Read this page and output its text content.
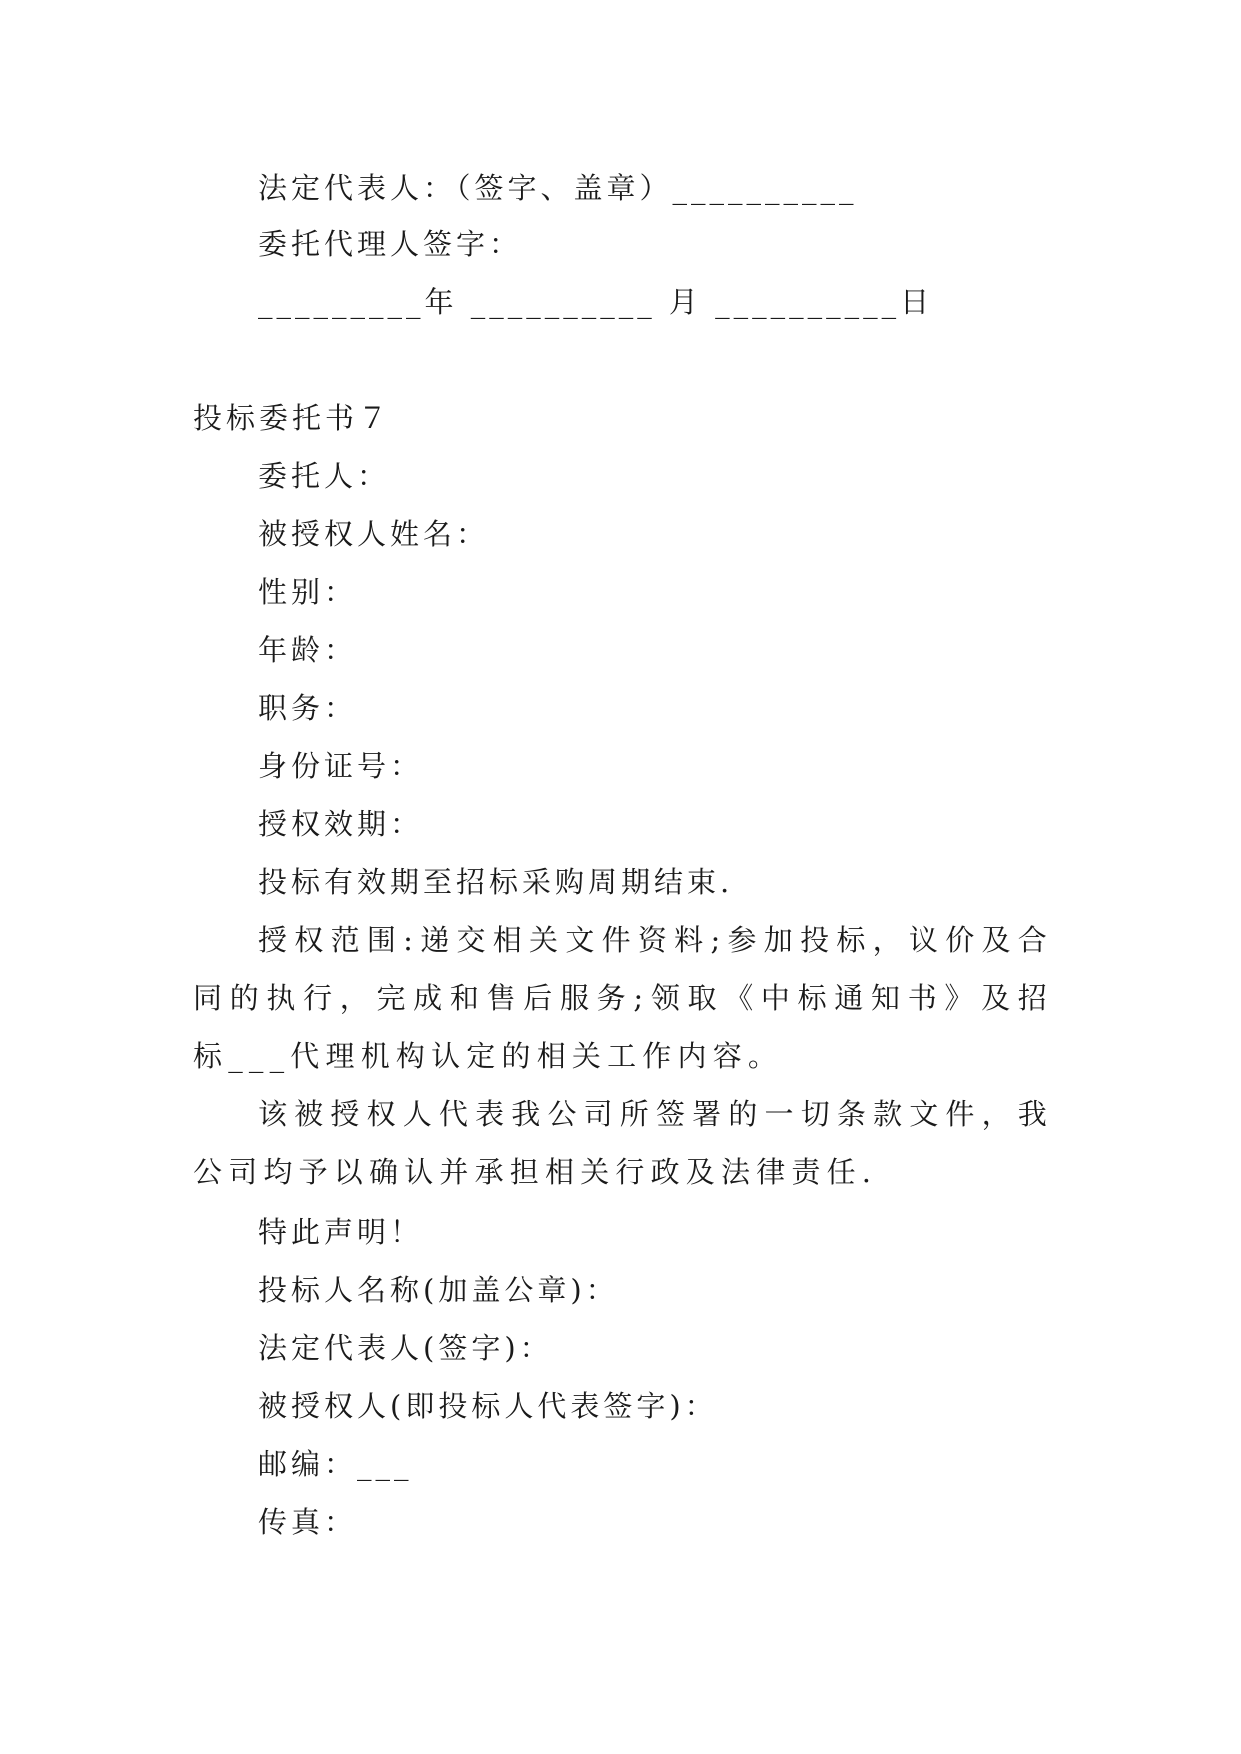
法定代表人：（签字、盖章）__________
委托代理人签字：
_________年 __________ 月 __________日
投标委托书７
委托人：
被授权人姓名：
性别：
年龄：
职务：
身份证号：
授权效期：
投标有效期至招标采购周期结束.
授权范围:递交相关文件资料;参加投标，议价及合同的执行，完成和售后服务;领取《中标通知书》及招标___代理机构认定的相关工作内容。
该被授权人代表我公司所签署的一切条款文件，我公司均予以确认并承担相关行政及法律责任.
特此声明！
投标人名称(加盖公章)：
法定代表人(签字)：
被授权人(即投标人代表签字)：
邮编：___
传真：
